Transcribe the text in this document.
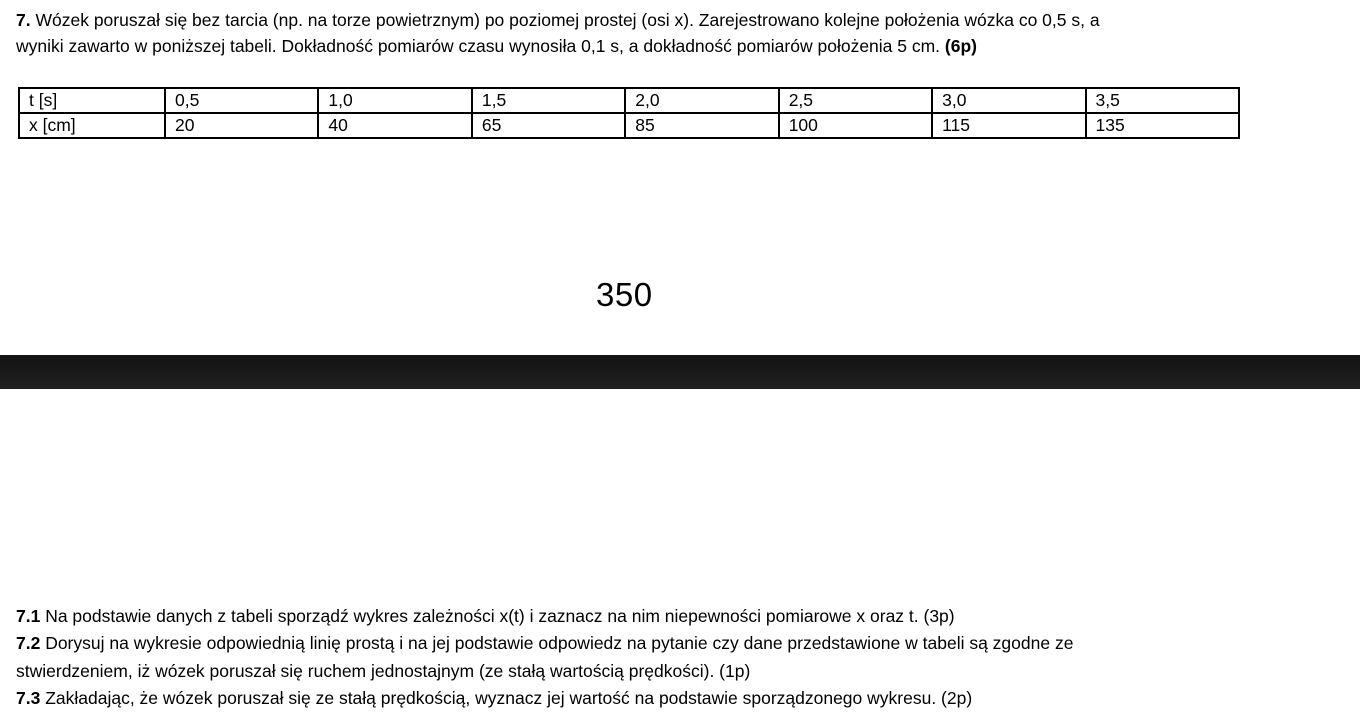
7. Wózek poruszał się bez tarcia (np. na torze powietrznym) po poziomej prostej (osi x). Zarejestrowano kolejne położenia wózka co 0,5 s, a
wyniki zawarto w poniższej tabeli. Dokładność pomiarów czasu wynosiła 0,1 s, a dokładność pomiarów położenia 5 cm. (6p)
t [s]	0,5	1,0	1,5	2,0	2,5	3,0	3,5
x [cm]	20	40	65	85	100	115	135
350
7.1 Na podstawie danych z tabeli sporządź wykres zależności x(t) i zaznacz na nim niepewności pomiarowe x oraz t. (3p)
7.2 Dorysuj na wykresie odpowiednią linię prostą i na jej podstawie odpowiedz na pytanie czy dane przedstawione w tabeli są zgodne ze
stwierdzeniem, iż wózek poruszał się ruchem jednostajnym (ze stałą wartością prędkości). (1p)
7.3 Zakładając, że wózek poruszał się ze stałą prędkością, wyznacz jej wartość na podstawie sporządzonego wykresu. (2p)
